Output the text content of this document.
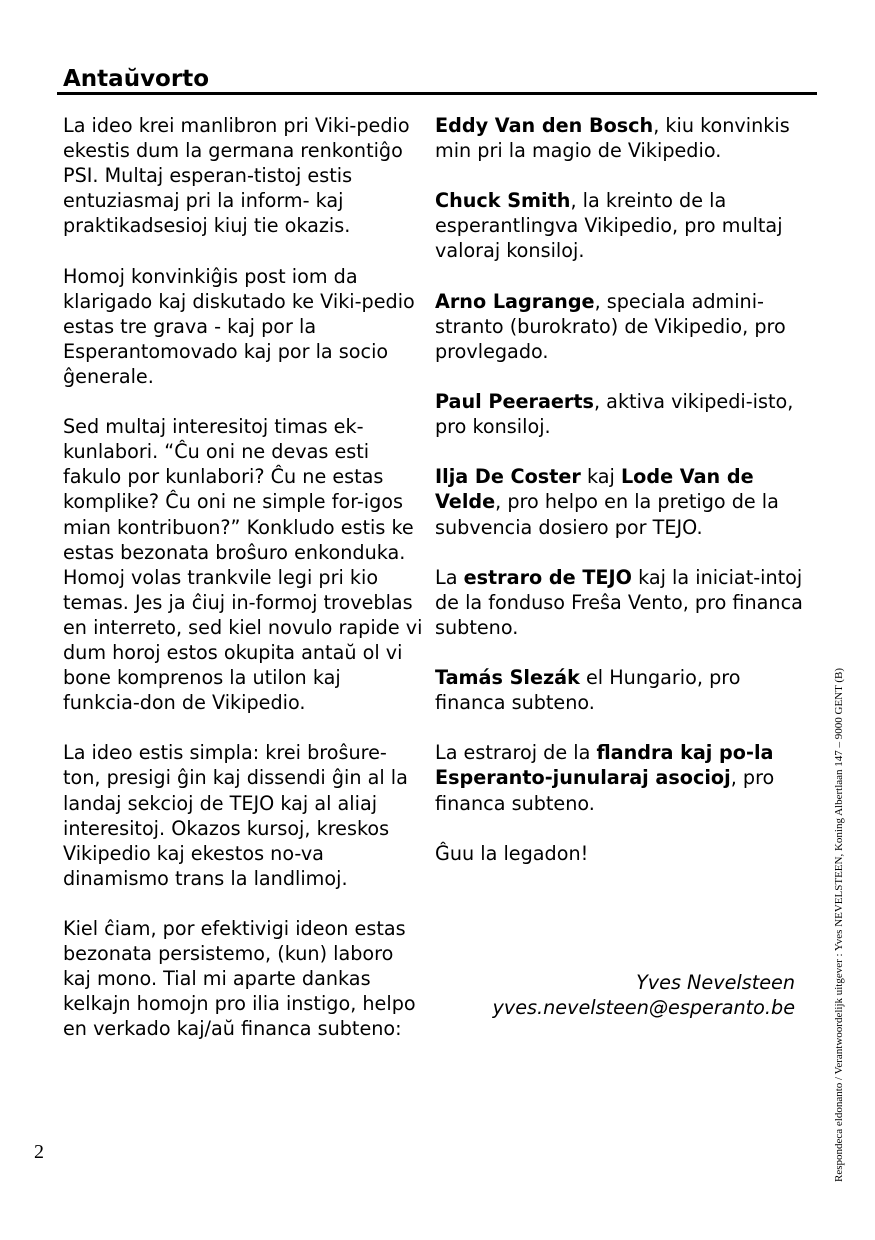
Antaŭvorto

La ideo krei manlibron pri Viki-pedio ekestis dum la germana renkontiĝo PSI. Multaj esperan-tistoj estis entuziasmaj pri la inform- kaj praktikadsesioj kiuj tie okazis.

Homoj konvinkiĝis post iom da klarigado kaj diskutado ke Viki-pedio estas tre grava - kaj por la Esperantomovado kaj por la socio ĝenerale.

Sed multaj interesitoj timas ek-kunlabori. “Ĉu oni ne devas esti fakulo por kunlabori? Ĉu ne estas komplike? Ĉu oni ne simple for-igos mian kontribuon?” Konkludo estis ke estas bezonata broŝuro enkonduka. Homoj volas trankvile legi pri kio temas. Jes ja ĉiuj in-formoj troveblas en interreto, sed kiel novulo rapide vi dum horoj estos okupita antaŭ ol vi bone komprenos la utilon kaj funkcia-don de Vikipedio.

La ideo estis simpla: krei broŝure-ton, presigi ĝin kaj dissendi ĝin al la landaj sekcioj de TEJO kaj al aliaj interesitoj. Okazos kursoj, kreskos Vikipedio kaj ekestos no-va dinamismo trans la landlimoj.

Kiel ĉiam, por efektivigi ideon estas bezonata persistemo, (kun) laboro kaj mono. Tial mi aparte dankas kelkajn homojn pro ilia instigo, helpo en verkado kaj/aŭ financa subteno:

Eddy Van den Bosch, kiu konvinkis min pri la magio de Vikipedio.

Chuck Smith, la kreinto de la esperantlingva Vikipedio, pro multaj valoraj konsiloj.

Arno Lagrange, speciala admini-stranto (burokrato) de Vikipedio, pro provlegado.

Paul Peeraerts, aktiva vikipedi-isto, pro konsiloj.

Ilja De Coster kaj Lode Van de Velde, pro helpo en la pretigo de la subvencia dosiero por TEJO.

La estraro de TEJO kaj la iniciat-intoj de la fonduso Freŝa Vento, pro financa subteno.

Tamás Slezák el Hungario, pro financa subteno.

La estraroj de la flandra kaj po-la Esperanto-junularaj asocioj, pro financa subteno.

Ĝuu la legadon!

Yves Nevelsteen
yves.nevelsteen@esperanto.be
2	Respondeca eldonanto / Verantwoordelijk uitgever : Yves NEVELSTEEN, Koning Albertlaan 147 – 9000 GENT (B)
